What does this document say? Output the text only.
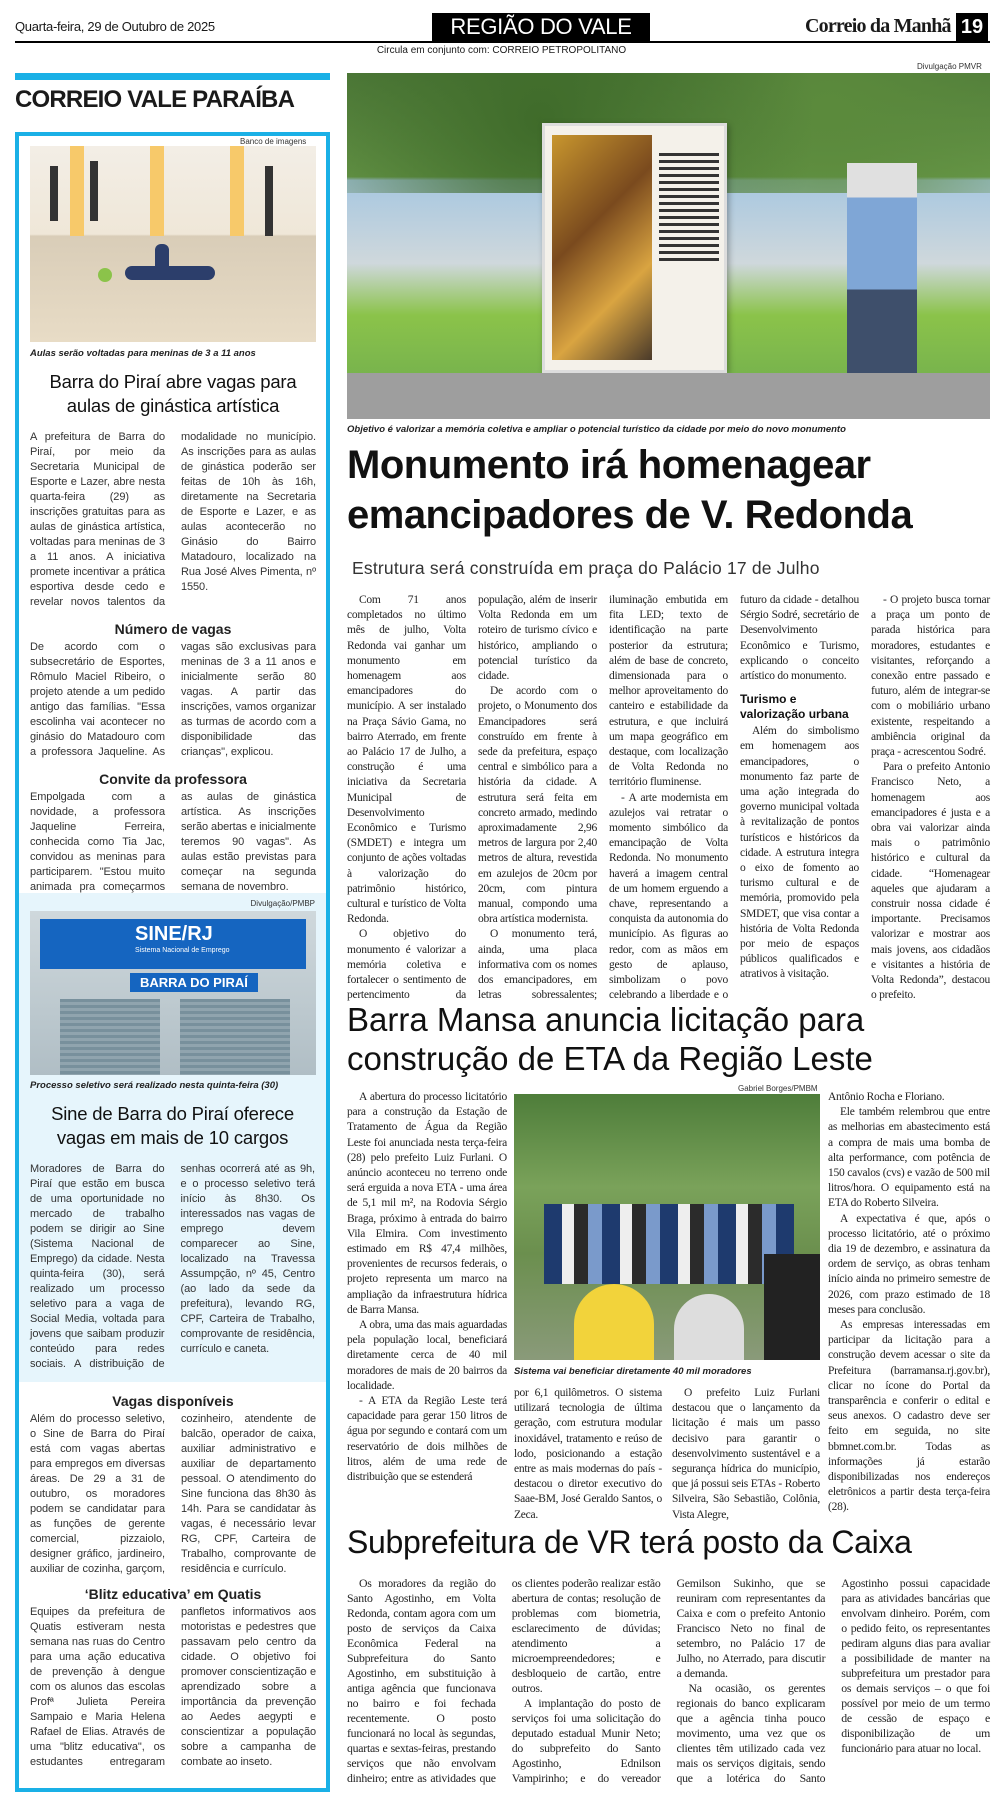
Quarta-feira, 29 de Outubro de 2025	REGIÃO DO VALE	Correio da Manhã 19
Circula em conjunto com: CORREIO PETROPOLITANO
CORREIO VALE PARAÍBA
Banco de imagens
Aulas serão voltadas para meninas de 3 a 11 anos
Barra do Piraí abre vagas para aulas de ginástica artística
A prefeitura de Barra do Piraí, por meio da Secretaria Municipal de Esporte e Lazer, abre nesta quarta-feira (29) as inscrições gratuitas para as aulas de ginástica artística, voltadas para meninas de 3 a 11 anos. A iniciativa promete incentivar a prática esportiva desde cedo e revelar novos talentos da modalidade no município. As inscrições para as aulas de ginástica poderão ser feitas de 10h às 16h, diretamente na Secretaria de Esporte e Lazer, e as aulas acontecerão no Ginásio do Bairro Matadouro, localizado na Rua José Alves Pimenta, nº 1550.
Número de vagas
De acordo com o subsecretário de Esportes, Rômulo Maciel Ribeiro, o projeto atende a um pedido antigo das famílias. "Essa escolinha vai acontecer no ginásio do Matadouro com a professora Jaqueline. As vagas são exclusivas para meninas de 3 a 11 anos e inicialmente serão 80 vagas. A partir das inscrições, vamos organizar as turmas de acordo com a disponibilidade das crianças", explicou.
Convite da professora
Empolgada com a novidade, a professora Jaqueline Ferreira, conhecida como Tia Jac, convidou as meninas para participarem. "Estou muito animada pra começarmos as aulas de ginástica artística. As inscrições serão abertas e inicialmente teremos 90 vagas". As aulas estão previstas para começar na segunda semana de novembro.
Divulgação/PMBP
SINE/RJ
Sistema Nacional de Emprego
BARRA DO PIRAÍ
Processo seletivo será realizado nesta quinta-feira (30)
Sine de Barra do Piraí oferece vagas em mais de 10 cargos
Moradores de Barra do Piraí que estão em busca de uma oportunidade no mercado de trabalho podem se dirigir ao Sine (Sistema Nacional de Emprego) da cidade. Nesta quinta-feira (30), será realizado um processo seletivo para a vaga de Social Media, voltada para jovens que saibam produzir conteúdo para redes sociais. A distribuição de senhas ocorrerá até as 9h, e o processo seletivo terá início às 8h30. Os interessados nas vagas de emprego devem comparecer ao Sine, localizado na Travessa Assumpção, nº 45, Centro (ao lado da sede da prefeitura), levando RG, CPF, Carteira de Trabalho, comprovante de residência, currículo e caneta.
Vagas disponíveis
Além do processo seletivo, o Sine de Barra do Piraí está com vagas abertas para empregos em diversas áreas. De 29 a 31 de outubro, os moradores podem se candidatar para as funções de gerente comercial, pizzaiolo, designer gráfico, jardineiro, auxiliar de cozinha, garçom, cozinheiro, atendente de balcão, operador de caixa, auxiliar administrativo e auxiliar de departamento pessoal. O atendimento do Sine funciona das 8h30 às 14h. Para se candidatar às vagas, é necessário levar RG, CPF, Carteira de Trabalho, comprovante de residência e currículo.
‘Blitz educativa’ em Quatis
Equipes da prefeitura de Quatis estiveram nesta semana nas ruas do Centro para uma ação educativa de prevenção à dengue com os alunos das escolas Profª Julieta Pereira Sampaio e Maria Helena Rafael de Elias. Através de uma "blitz educativa", os estudantes entregaram panfletos informativos aos motoristas e pedestres que passavam pelo centro da cidade. O objetivo foi promover conscientização e aprendizado sobre a importância da prevenção ao Aedes aegypti e conscientizar a população sobre a campanha de combate ao inseto.
Divulgação PMVR
Objetivo é valorizar a memória coletiva e ampliar o potencial turístico da cidade por meio do novo monumento
Monumento irá homenagear emancipadores de V. Redonda
Estrutura será construída em praça do Palácio 17 de Julho

Com 71 anos completados no último mês de julho, Volta Redonda vai ganhar um monumento em homenagem aos emancipadores do município. A ser instalado na Praça Sávio Gama, no bairro Aterrado, em frente ao Palácio 17 de Julho, a construção é uma iniciativa da Secretaria Municipal de Desenvolvimento Econômico e Turismo (SMDET) e integra um conjunto de ações voltadas à valorização do patrimônio histórico, cultural e turístico de Volta Redonda.

O objetivo do monumento é valorizar a memória coletiva e fortalecer o sentimento de pertencimento da população, além de inserir Volta Redonda em um roteiro de turismo cívico e histórico, ampliando o potencial turístico da cidade.

De acordo com o projeto, o Monumento dos Emancipadores será construído em frente à sede da prefeitura, espaço central e simbólico para a história da cidade. A estrutura será feita em concreto armado, medindo aproximadamente 2,96 metros de largura por 2,40 metros de altura, revestida em azulejos de 20cm por 20cm, com pintura manual, compondo uma obra artística modernista.

O monumento terá, ainda, uma placa informativa com os nomes dos emancipadores, em letras sobressalentes; iluminação embutida em fita LED; texto de identificação na parte posterior da estrutura; além de base de concreto, dimensionada para o melhor aproveitamento do canteiro e estabilidade da estrutura, e que incluirá um mapa geográfico em destaque, com localização de Volta Redonda no território fluminense.

- A arte modernista em azulejos vai retratar o momento simbólico da emancipação de Volta Redonda. No monumento haverá a imagem central de um homem erguendo a chave, representando a conquista da autonomia do município. As figuras ao redor, com as mãos em gesto de aplauso, simbolizam o povo celebrando a liberdade e o futuro da cidade - detalhou Sérgio Sodré, secretário de Desenvolvimento Econômico e Turismo, explicando o conceito artístico do monumento.

Turismo e valorização urbana

Além do simbolismo em homenagem aos emancipadores, o monumento faz parte de uma ação integrada do governo municipal voltada à revitalização de pontos turísticos e históricos da cidade. A estrutura integra o eixo de fomento ao turismo cultural e de memória, promovido pela SMDET, que visa contar a história de Volta Redonda por meio de espaços públicos qualificados e atrativos à visitação.

- O projeto busca tornar a praça um ponto de parada histórica para moradores, estudantes e visitantes, reforçando a conexão entre passado e futuro, além de integrar-se com o mobiliário urbano existente, respeitando a ambiência original da praça - acrescentou Sodré.

Para o prefeito Antonio Francisco Neto, a homenagem aos emancipadores é justa e a obra vai valorizar ainda mais o patrimônio histórico e cultural da cidade. “Homenagear aqueles que ajudaram a construir nossa cidade é importante. Precisamos valorizar e mostrar aos mais jovens, aos cidadãos e visitantes a história de Volta Redonda”, destacou o prefeito.

Barra Mansa anuncia licitação para construção de ETA da Região Leste

A abertura do processo licitatório para a construção da Estação de Tratamento de Água da Região Leste foi anunciada nesta terça-feira (28) pelo prefeito Luiz Furlani. O anúncio aconteceu no terreno onde será erguida a nova ETA - uma área de 5,1 mil m², na Rodovia Sérgio Braga, próximo à entrada do bairro Vila Elmira. Com investimento estimado em R$ 47,4 milhões, provenientes de recursos federais, o projeto representa um marco na ampliação da infraestrutura hídrica de Barra Mansa.

A obra, uma das mais aguardadas pela população local, beneficiará diretamente cerca de 40 mil moradores de mais de 20 bairros da localidade.

- A ETA da Região Leste terá capacidade para gerar 150 litros de água por segundo e contará com um reservatório de dois milhões de litros, além de uma rede de distribuição que se estenderá

Gabriel Borges/PMBM
Sistema vai beneficiar diretamente 40 mil moradores

por 6,1 quilômetros. O sistema utilizará tecnologia de última geração, com estrutura modular inoxidável, tratamento e reúso de lodo, posicionando a estação entre as mais modernas do país - destacou o diretor executivo do Saae-BM, José Geraldo Santos, o Zeca.

O prefeito Luiz Furlani destacou que o lançamento da licitação é mais um passo decisivo para garantir o desenvolvimento sustentável e a segurança hídrica do município, que já possui seis ETAs - Roberto Silveira, São Sebastião, Colônia, Vista Alegre,

Antônio Rocha e Floriano.

Ele também relembrou que entre as melhorias em abastecimento está a compra de mais uma bomba de alta performance, com potência de 150 cavalos (cvs) e vazão de 500 mil litros/hora. O equipamento está na ETA do Roberto Silveira.

A expectativa é que, após o processo licitatório, até o próximo dia 19 de dezembro, e assinatura da ordem de serviço, as obras tenham início ainda no primeiro semestre de 2026, com prazo estimado de 18 meses para conclusão.

As empresas interessadas em participar da licitação para a construção devem acessar o site da Prefeitura (barramansa.rj.gov.br), clicar no ícone do Portal da transparência e conferir o edital e seus anexos. O cadastro deve ser feito em seguida, no site bbmnet.com.br. Todas as informações já estarão disponibilizadas nos endereços eletrônicos a partir desta terça-feira (28).

Subprefeitura de VR terá posto da Caixa

Os moradores da região do Santo Agostinho, em Volta Redonda, contam agora com um posto de serviços da Caixa Econômica Federal na Subprefeitura do Santo Agostinho, em substituição à antiga agência que funcionava no bairro e foi fechada recentemente. O posto funcionará no local às segundas, quartas e sextas-feiras, prestando serviços que não envolvam dinheiro; entre as atividades que os clientes poderão realizar estão abertura de contas; resolução de problemas com biometria, esclarecimento de dúvidas; atendimento a microempreendedores; e desbloqueio de cartão, entre outros.

A implantação do posto de serviços foi uma solicitação do deputado estadual Munir Neto; do subprefeito do Santo Agostinho, Ednilson Vampirinho; e do vereador Gemilson Sukinho, que se reuniram com representantes da Caixa e com o prefeito Antonio Francisco Neto no final de setembro, no Palácio 17 de Julho, no Aterrado, para discutir a demanda.

Na ocasião, os gerentes regionais do banco explicaram que a agência tinha pouco movimento, uma vez que os clientes têm utilizado cada vez mais os serviços digitais, sendo que a lotérica do Santo Agostinho possui capacidade para as atividades bancárias que envolvam dinheiro. Porém, com o pedido feito, os representantes pediram alguns dias para avaliar a possibilidade de manter na subprefeitura um prestador para os demais serviços – o que foi possível por meio de um termo de cessão de espaço e disponibilização de um funcionário para atuar no local.
